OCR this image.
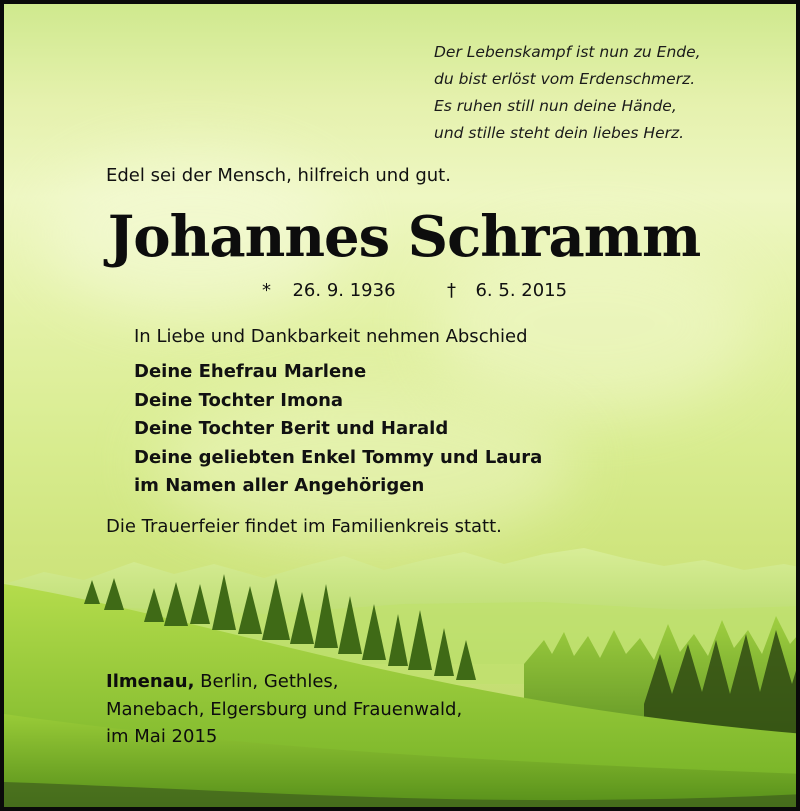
Der Lebenskampf ist nun zu Ende,
du bist erlöst vom Erdenschmerz.
Es ruhen still nun deine Hände,
und stille steht dein liebes Herz.
Edel sei der Mensch, hilfreich und gut.
Johannes Schramm
* 26. 9. 1936	† 6. 5. 2015
In Liebe und Dankbarkeit nehmen Abschied
Deine Ehefrau Marlene
Deine Tochter Imona
Deine Tochter Berit und Harald
Deine geliebten Enkel Tommy und Laura
im Namen aller Angehörigen
Die Trauerfeier findet im Familienkreis statt.
Ilmenau, Berlin, Gethles,
Manebach, Elgersburg und Frauenwald,
im Mai 2015
